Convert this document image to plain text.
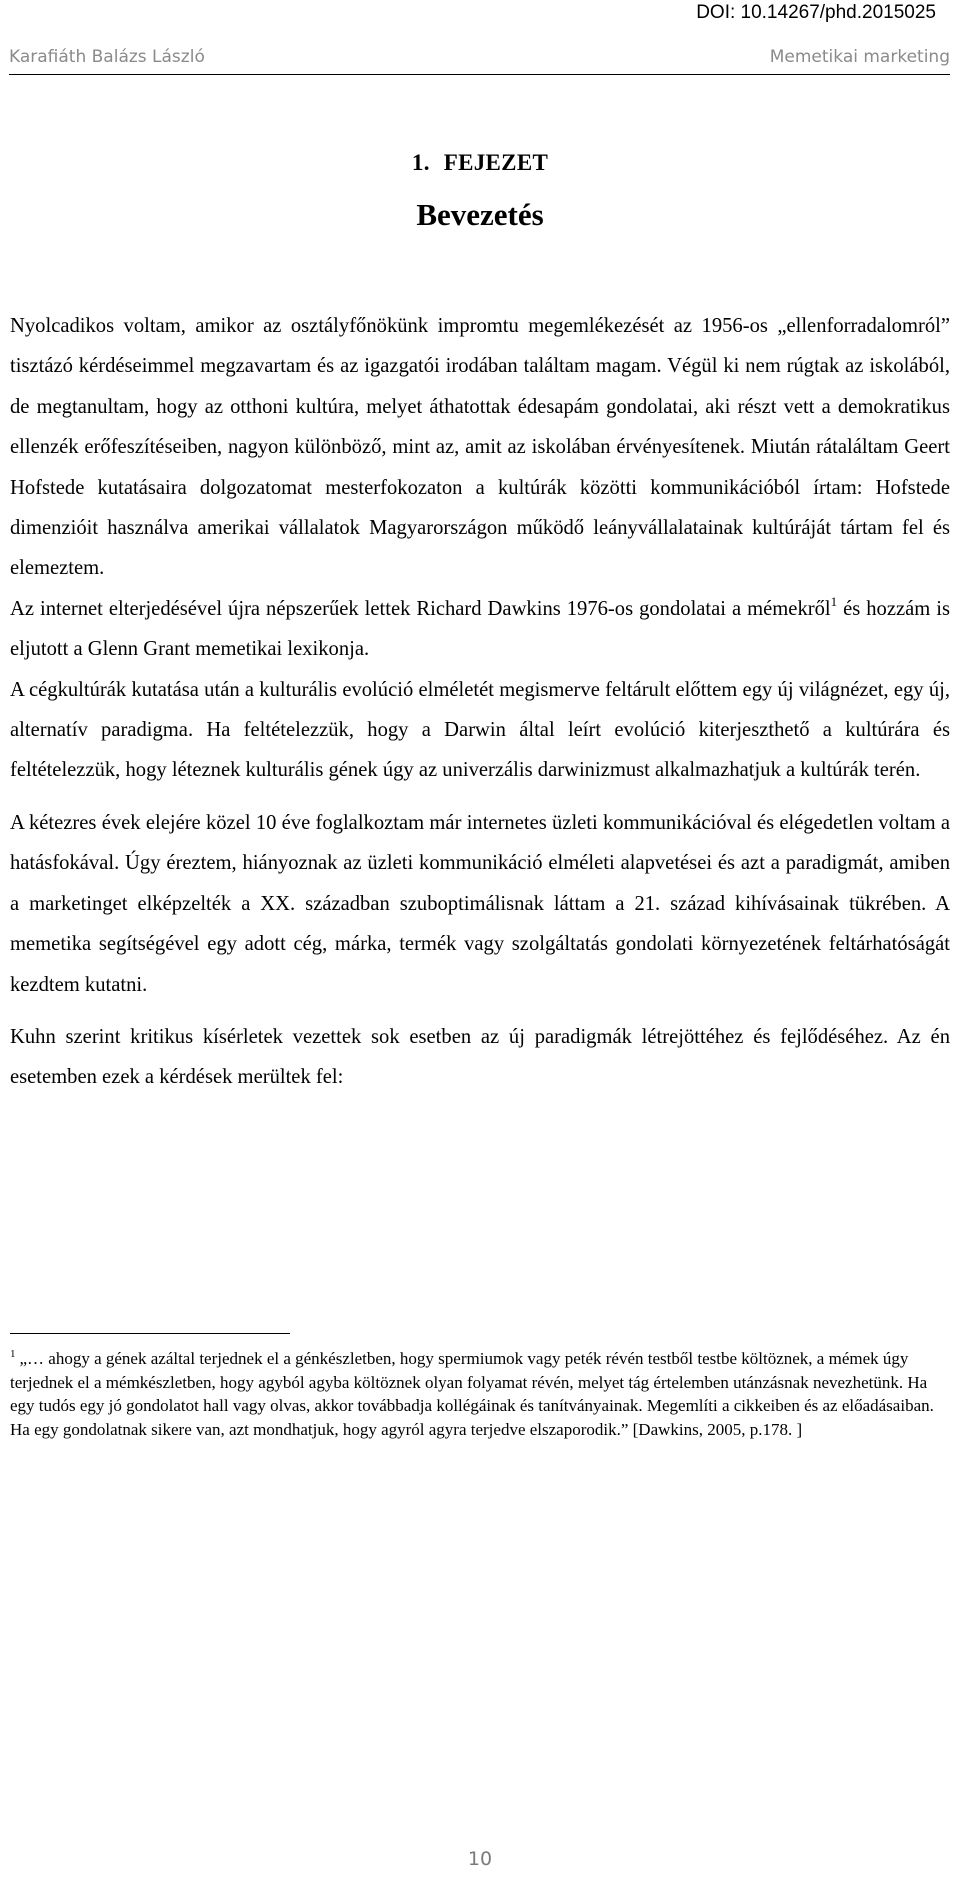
DOI: 10.14267/phd.2015025
Karafiáth Balázs László	Memetikai marketing
1. FEJEZET
Bevezetés

Nyolcadikos voltam, amikor az osztályfőnökünk impromtu megemlékezését az 1956-os „ellenforradalomról” tisztázó kérdéseimmel megzavartam és az igazgatói irodában találtam magam. Végül ki nem rúgtak az iskolából, de megtanultam, hogy az otthoni kultúra, melyet áthatottak édesapám gondolatai, aki részt vett a demokratikus ellenzék erőfeszítéseiben, nagyon különböző, mint az, amit az iskolában érvényesítenek. Miután rátaláltam Geert Hofstede kutatásaira dolgozatomat mesterfokozaton a kultúrák közötti kommunikációból írtam: Hofstede dimenzióit használva amerikai vállalatok Magyarországon működő leányvállalatainak kultúráját tártam fel és elemeztem.

Az internet elterjedésével újra népszerűek lettek Richard Dawkins 1976-os gondolatai a mémekről$^1$ és hozzám is eljutott a Glenn Grant memetikai lexikonja.

A cégkultúrák kutatása után a kulturális evolúció elméletét megismerve feltárult előttem egy új világnézet, egy új, alternatív paradigma. Ha feltételezzük, hogy a Darwin által leírt evolúció kiterjeszthető a kultúrára és feltételezzük, hogy léteznek kulturális gének úgy az univerzális darwinizmust alkalmazhatjuk a kultúrák terén.

A kétezres évek elejére közel 10 éve foglalkoztam már internetes üzleti kommunikációval és elégedetlen voltam a hatásfokával. Úgy éreztem, hiányoznak az üzleti kommunikáció elméleti alapvetései és azt a paradigmát, amiben a marketinget elképzelték a XX. században szuboptimálisnak láttam a 21. század kihívásainak tükrében. A memetika segítségével egy adott cég, márka, termék vagy szolgáltatás gondolati környezetének feltárhatóságát kezdtem kutatni.

Kuhn szerint kritikus kísérletek vezettek sok esetben az új paradigmák létrejöttéhez és fejlődéséhez. Az én esetemben ezek a kérdések merültek fel:

$^1$ „… ahogy a gének azáltal terjednek el a génkészletben, hogy spermiumok vagy peték révén testből testbe költöznek, a mémek úgy terjednek el a mémkészletben, hogy agyból agyba költöznek olyan folyamat révén, melyet tág értelemben utánzásnak nevezhetünk. Ha egy tudós egy jó gondolatot hall vagy olvas, akkor továbbadja kollégáinak és tanítványainak. Megemlíti a cikkeiben és az előadásaiban. Ha egy gondolatnak sikere van, azt mondhatjuk, hogy agyról agyra terjedve elszaporodik.” [Dawkins, 2005, p.178. ]
10
